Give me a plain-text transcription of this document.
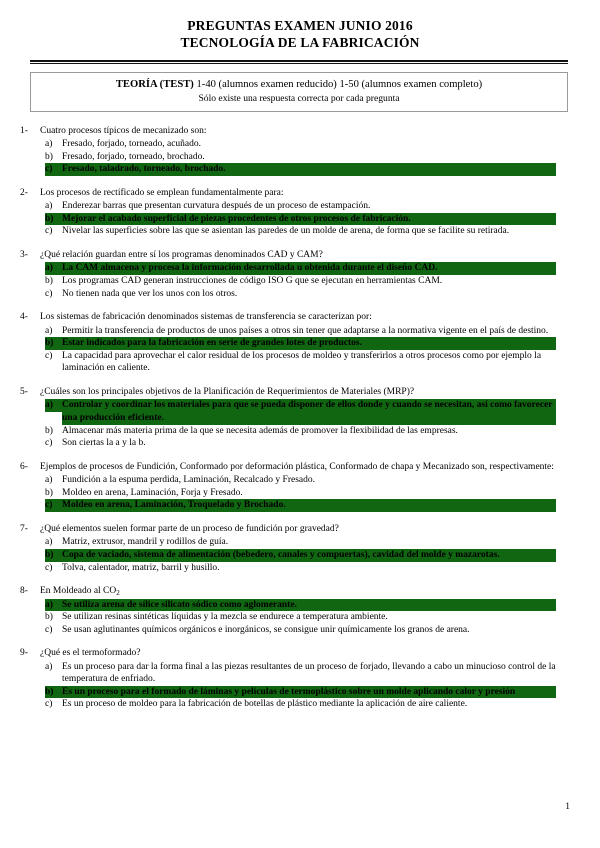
PREGUNTAS EXAMEN JUNIO 2016
TECNOLOGÍA DE LA FABRICACIÓN
TEORÍA (TEST) 1-40 (alumnos examen reducido) 1-50 (alumnos examen completo)
Sólo existe una respuesta correcta por cada pregunta
1-	Cuatro procesos típicos de mecanizado son:
a)	Fresado, forjado, torneado, acuñado.
b) Fresado, forjado, torneado, brochado.
c)	Fresado, taladrado, torneado, brochado.
2-	Los procesos de rectificado se emplean fundamentalmente para:
a)	Enderezar barras que presentan curvatura después de un proceso de estampación.
b) Mejorar el acabado superficial de piezas procedentes de otros procesos de fabricación.
c)	Nivelar las superficies sobre las que se asientan las paredes de un molde de arena, de forma que se facilite su retirada.
3-	¿Qué relación guardan entre sí los programas denominados CAD y CAM?
a) La CAM almacena y procesa la información desarrollada u obtenida durante el diseño CAD.
b) Los programas CAD generan instrucciones de código ISO G que se ejecutan en herramientas CAM.
c)	No tienen nada que ver los unos con los otros.
4-	Los sistemas de fabricación denominados sistemas de transferencia se caracterizan por:
a)	Permitir la transferencia de productos de unos países a otros sin tener que adaptarse a la normativa vigente en el país de destino.
b) Estar indicados para la fabricación en serie de grandes lotes de productos.
c)	La capacidad para aprovechar el calor residual de los procesos de moldeo y transferirlos a otros procesos como por ejemplo la laminación en caliente.
5-	¿Cuáles son los principales objetivos de la Planificación de Requerimientos de Materiales (MRP)?
a) Controlar y coordinar los materiales para que se pueda disponer de ellos donde y cuando se necesitan, así como favorecer una producción eficiente.
b) Almacenar más materia prima de la que se necesita además de promover la flexibilidad de las empresas.
c)	Son ciertas la a y la b.
6-	Ejemplos de procesos de Fundición, Conformado por deformación plástica, Conformado de chapa y Mecanizado son, respectivamente:
a)	Fundición a la espuma perdida, Laminación, Recalcado y Fresado.
b) Moldeo en arena, Laminación, Forja y Fresado.
c)	Moldeo en arena, Laminación, Troquelado y Brochado.
7-	¿Qué elementos suelen formar parte de un proceso de fundición por gravedad?
a)	Matriz, extrusor, mandril y rodillos de guía.
b) Copa de vaciado, sistema de alimentación (bebedero, canales y compuertas), cavidad del molde y mazarotas.
c)	Tolva, calentador, matriz, barril y husillo.
8-	En Moldeado al $CO_2$
a) Se utiliza arena de sílice silicato sódico como aglomerante.
b) Se utilizan resinas sintéticas líquidas y la mezcla se endurece a temperatura ambiente.
c)	Se usan aglutinantes químicos orgánicos e inorgánicos, se consigue unir químicamente los granos de arena.
9-	¿Qué es el termoformado?
a)	Es un proceso para dar la forma final a las piezas resultantes de un proceso de forjado, llevando a cabo un minucioso control de la temperatura de enfriado.
b) Es un proceso para el formado de láminas y películas de termoplástico sobre un molde aplicando calor y presión
c)	Es un proceso de moldeo para la fabricación de botellas de plástico mediante la aplicación de aire caliente.
1
